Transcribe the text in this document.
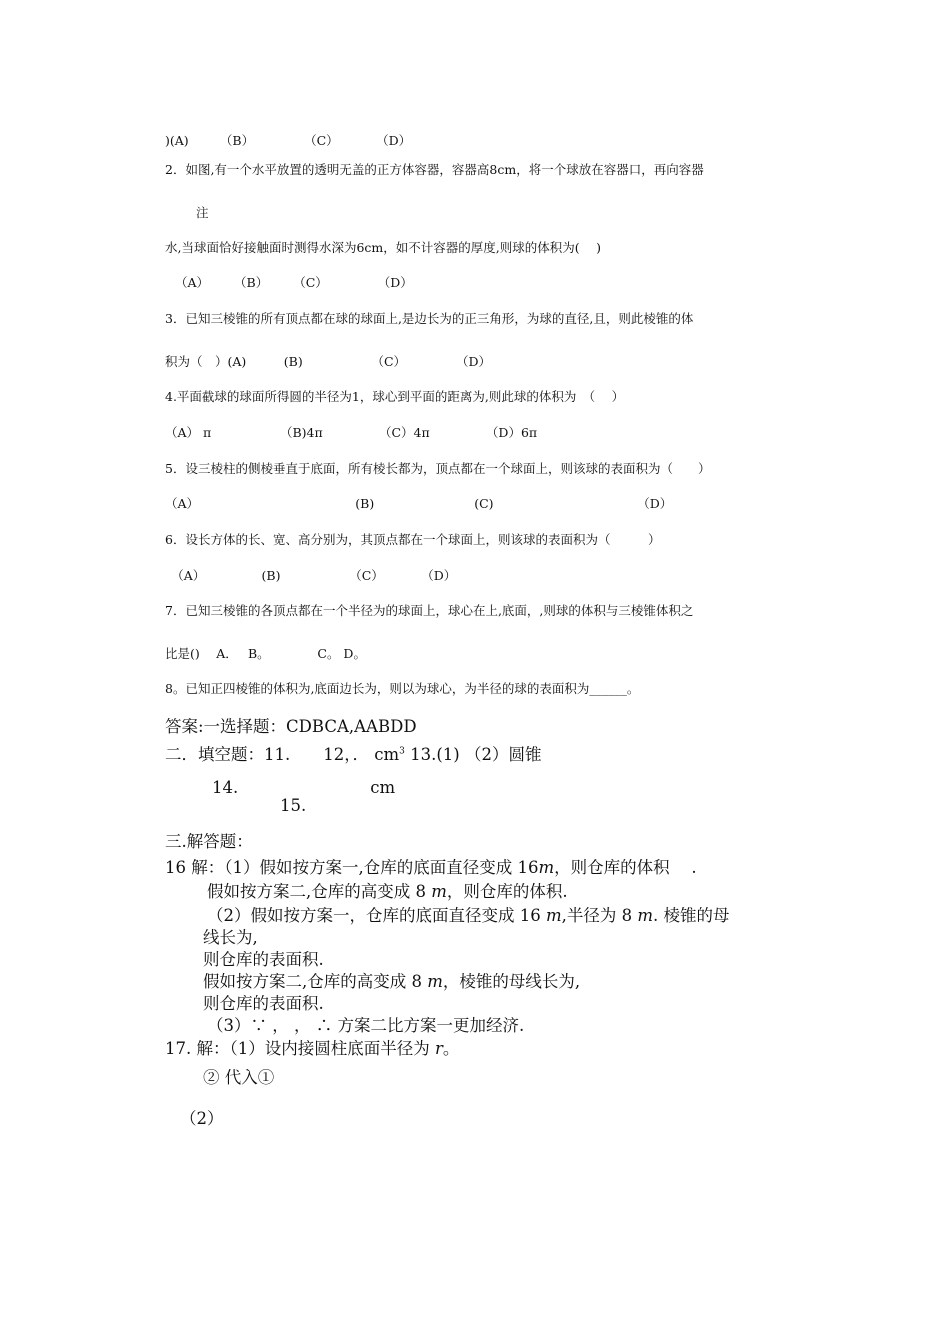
)(A)　　　（B）　　　　　（C）　　　　（D）
2．如图,有一个水平放置的透明无盖的正方体容器，容器高8cm，将一个球放在容器口，再向容器
注
水,当球面恰好接触面时测得水深为6cm，如不计容器的厚度,则球的体积为(　 )
（A）　　　（B）　　　（C）　　　　　（D）
3．已知三棱锥的所有顶点都在球的球面上,是边长为的正三角形，为球的直径,且，则此棱锥的体
积为（　）(A)　　　(B)　　　　　　（C）　　　　　（D）
4.平面截球的球面所得圆的半径为1，球心到平面的距离为,则此球的体积为　（　 ）
（A） π　　　　　　（B)4π　　　　　（C）4π　　　　　（D）6π
5．设三棱柱的侧棱垂直于底面，所有棱长都为，顶点都在一个球面上，则该球的表面积为（　　）
（A）　　　　　　　　　　　　　(B)　　　　　　　　(C)　　　　　　　　　　　　（D）
6．设长方体的长、宽、高分别为，其顶点都在一个球面上，则该球的表面积为（　　　）
　（A）　　　　　(B)　　　　　　（C）　　　　（D）
7．已知三棱锥的各顶点都在一个半径为的球面上，球心在上,底面，,则球的体积与三棱锥体积之
比是()　 A．　 B。　　　　 C。 D。
8。已知正四棱锥的体积为,底面边长为，则以为球心，为半径的球的表面积为______。
答案:一选择题：CDBCA,AABDD
二．填空题：11.　　12，． $cm^3$ 13.(1) （2）圆锥
14.　　　　　　　　cm
15.
三.解答题：
16 解：（1）假如按方案一,仓库的底面直径变成 16m，则仓库的体积　 .
假如按方案二,仓库的高变成 8 m，则仓库的体积.
（2）假如按方案一，仓库的底面直径变成 16 m,半径为 8 m. 棱锥的母
线长为,
则仓库的表面积.
假如按方案二,仓库的高变成 8 m，棱锥的母线长为,
则仓库的表面积.
（3）∵ ， ， ∴ 方案二比方案一更加经济.
17. 解：（1）设内接圆柱底面半径为 r。
② 代入①
（2）
